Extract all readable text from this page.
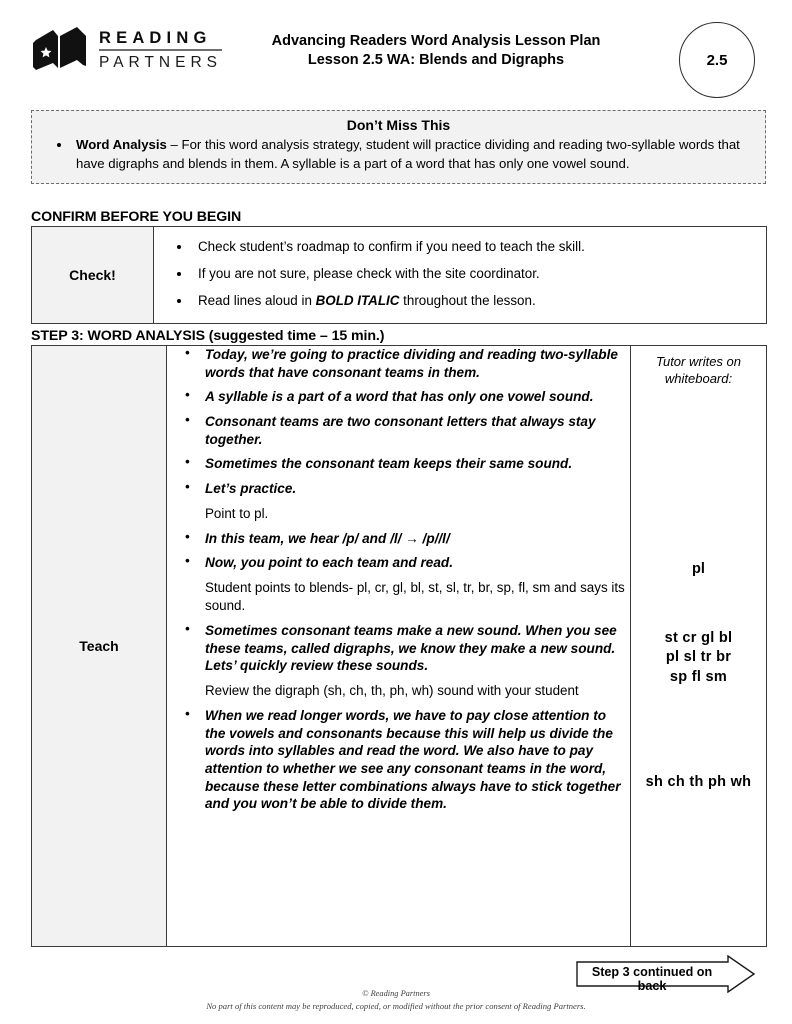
READING
PARTNERS
Advancing Readers Word Analysis Lesson Plan
Lesson 2.5 WA: Blends and Digraphs	2.5
Don’t Miss This
• Word Analysis – For this word analysis strategy, student will practice dividing and reading two-syllable words that have digraphs and blends in them. A syllable is a part of a word that has only one vowel sound.
CONFIRM BEFORE YOU BEGIN
Check!	
• Check student’s roadmap to confirm if you need to teach the skill.
• If you are not sure, please check with the site coordinator.
• Read lines aloud in BOLD ITALIC throughout the lesson.
STEP 3: WORD ANALYSIS (suggested time – 15 min.)
Teach	
• Today, we’re going to practice dividing and reading two-syllable words that have consonant teams in them.
• A syllable is a part of a word that has only one vowel sound.
• Consonant teams are two consonant letters that always stay together.
• Sometimes the consonant team keeps their same sound.
• Let’s practice.
Point to pl.
• In this team, we hear /p/ and /l/ → /p//l/
• Now, you point to each team and read.
Student points to blends- pl, cr, gl, bl, st, sl, tr, br, sp, fl, sm and says its sound.
• Sometimes consonant teams make a new sound. When you see these teams, called digraphs, we know they make a new sound. Lets’ quickly review these sounds.
Review the digraph (sh, ch, th, ph, wh) sound with your student
• When we read longer words, we have to pay close attention to the vowels and consonants because this will help us divide the words into syllables and read the word. We also have to pay attention to whether we see any consonant teams in the word, because these letter combinations always have to stick together and you won’t be able to divide them.

Tutor writes on
whiteboard:
pl
st cr gl bl
pl sl tr br
sp fl sm
sh ch th ph wh
Step 3 continued on back
© Reading Partners
No part of this content may be reproduced, copied, or modified without the prior consent of Reading Partners.
